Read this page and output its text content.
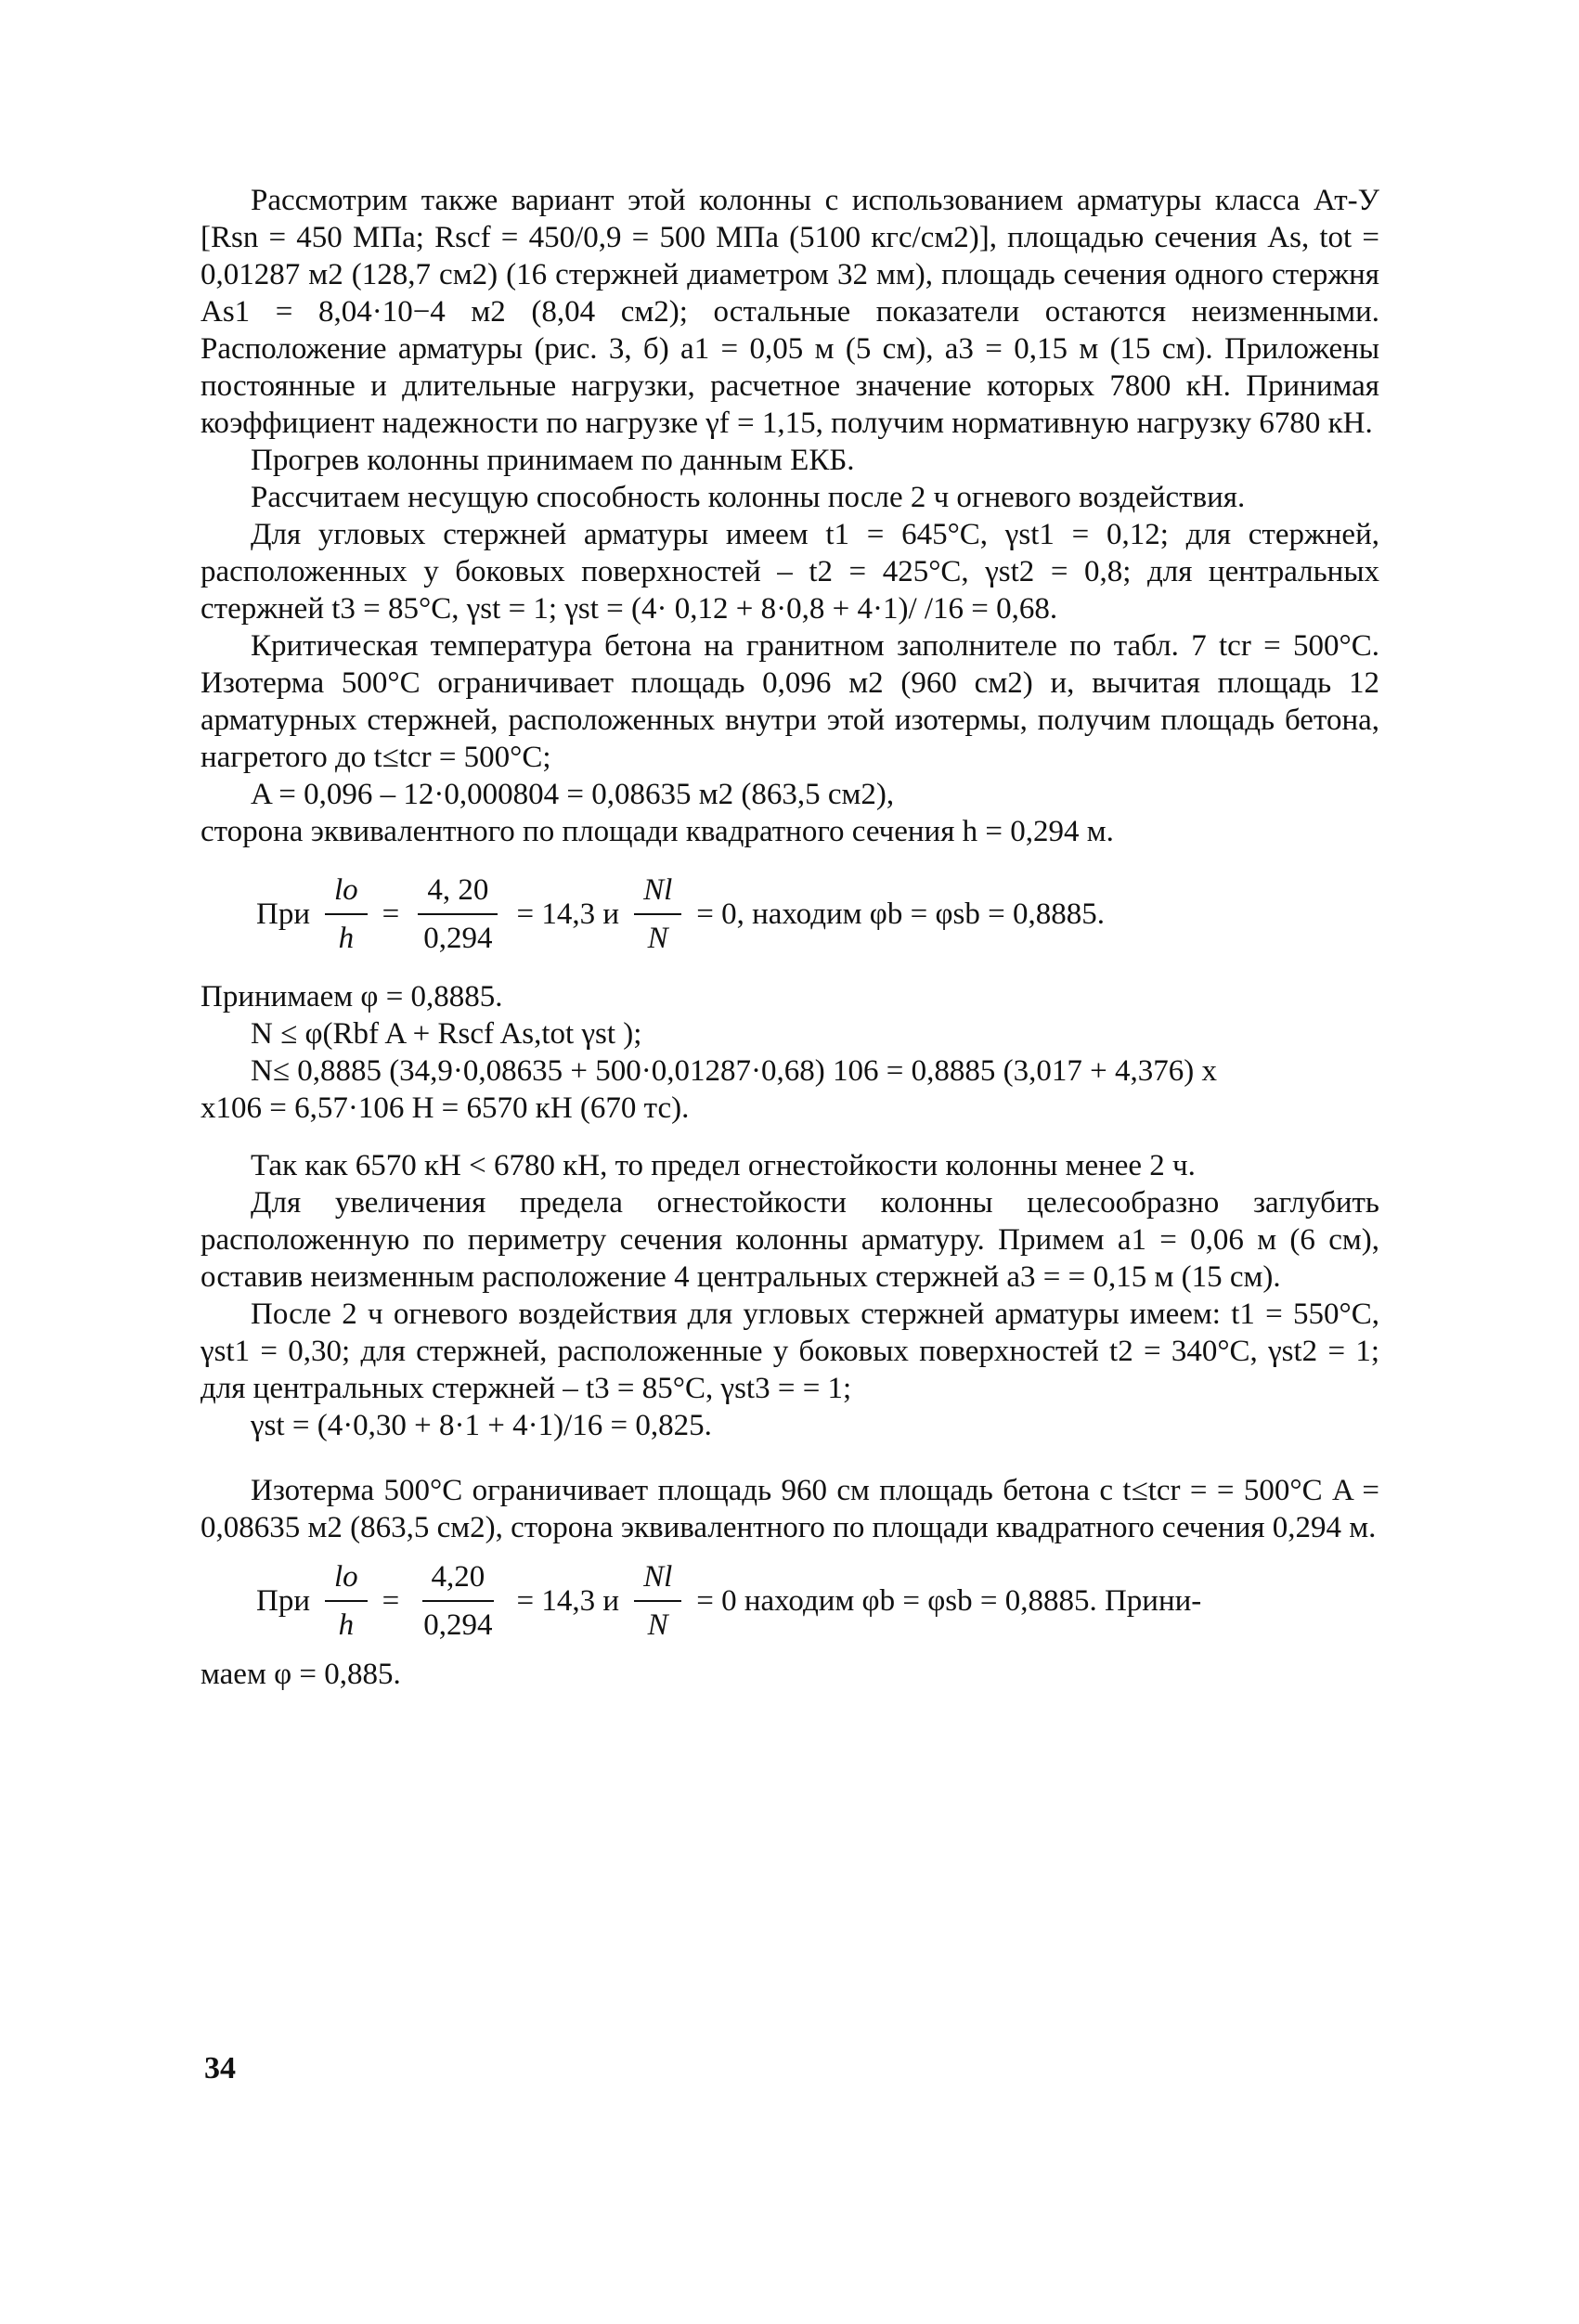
Рассмотрим также вариант этой колонны с использованием арматуры класса Ат-У [Rsn = 450 МПа; Rscf = 450/0,9 = 500 МПа (5100 кгс/см2)], площадью сечения As, tot = 0,01287 м2 (128,7 см2) (16 стержней диаметром 32 мм), площадь сечения одного стержня As1 = 8,04·10−4 м2 (8,04 см2); остальные показатели остаются неизменными. Расположение арматуры (рис. 3, б) a1 = 0,05 м (5 см), a3 = 0,15 м (15 см). Приложены постоянные и длительные нагрузки, расчетное значение которых 7800 кН. Принимая коэффициент надежности по нагрузке γf = 1,15, получим нормативную нагрузку 6780 кН.

Прогрев колонны принимаем по данным ЕКБ.

Рассчитаем несущую способность колонны после 2 ч огневого воздействия.

Для угловых стержней арматуры имеем t1 = 645°С, γst1 = 0,12; для стержней, расположенных у боковых поверхностей – t2 = 425°С, γst2 = 0,8; для центральных стержней t3 = 85°С, γst = 1; γst = (4· 0,12 + 8·0,8 + 4·1)/ /16 = 0,68.

Критическая температура бетона на гранитном заполнителе по табл. 7 tcr = 500°С. Изотерма 500°С ограничивает площадь 0,096 м2 (960 см2) и, вычитая площадь 12 арматурных стержней, расположенных внутри этой изотермы, получим площадь бетона, нагретого до t≤tcr = 500°С;

A = 0,096 – 12·0,000804 = 0,08635 м2 (863,5 см2),

сторона эквивалентного по площади квадратного сечения h = 0,294 м.

При $\frac{lo}{h} = \frac{4, 20}{0,294} = 14,3$ и $\frac{Nl}{N} = 0$, находим φb = φsb = 0,8885.

Принимаем φ = 0,8885.

N ≤ φ(Rbf A + Rscf As,tot γst );

N≤ 0,8885 (34,9·0,08635 + 500·0,01287·0,68) 106 = 0,8885 (3,017 + 4,376) x

x106 = 6,57·106 Н = 6570 кН (670 тс).

Так как 6570 кН < 6780 кН, то предел огнестойкости колонны менее 2 ч.

Для увеличения предела огнестойкости колонны целесообразно заглубить расположенную по периметру сечения колонны арматуру. Примем a1 = 0,06 м (6 см), оставив неизменным расположение 4 центральных стержней a3 = = 0,15 м (15 см).

После 2 ч огневого воздействия для угловых стержней арматуры имеем: t1 = 550°С, γst1 = 0,30; для стержней, расположенные у боковых поверхностей t2 = 340°С, γst2 = 1; для центральных стержней – t3 = 85°С, γst3 = = 1;

γst = (4·0,30 + 8·1 + 4·1)/16 = 0,825.

Изотерма 500°С ограничивает площадь 960 см площадь бетона с t≤tcr = = 500°С A = 0,08635 м2 (863,5 см2), сторона эквивалентного по площади квадратного сечения 0,294 м.

При $\frac{lo}{h} = \frac{4,20}{0,294} = 14,3$ и $\frac{Nl}{N} = 0$ находим φb = φsb = 0,8885. Прини-

маем φ = 0,885.

34
